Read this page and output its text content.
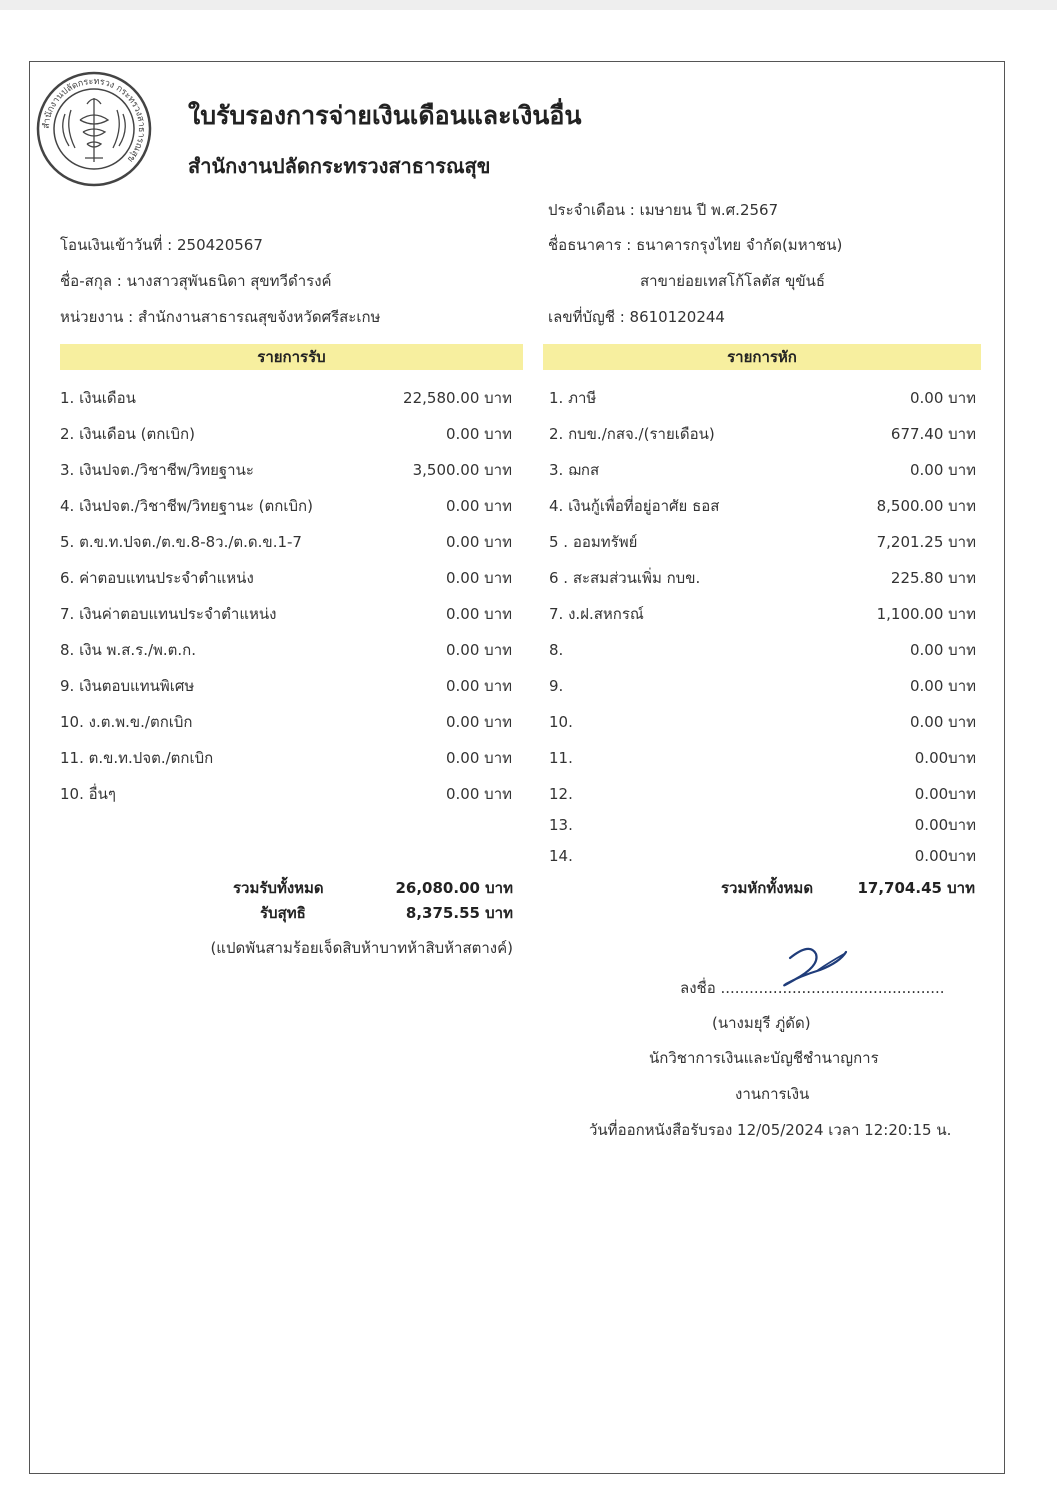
สำนักงานปลัดกระทรวง กระทรวงสาธารณสุข
ใบรับรองการจ่ายเงินเดือนและเงินอื่น
สำนักงานปลัดกระทรวงสาธารณสุข
ประจำเดือน : เมษายน ปี พ.ศ.2567
โอนเงินเข้าวันที่ : 250420567	ชื่อธนาคาร : ธนาคารกรุงไทย จำกัด(มหาชน)
ชื่อ-สกุล : นางสาวสุพันธนิดา สุขทวีดำรงค์	สาขาย่อยเทสโก้โลตัส ขุขันธ์
หน่วยงาน : สำนักงานสาธารณสุขจังหวัดศรีสะเกษ	เลขที่บัญชี : 8610120244
รายการรับ	รายการหัก
1. เงินเดือน	22,580.00 บาท
2. เงินเดือน (ตกเบิก)	0.00 บาท
3. เงินปจต./วิชาชีพ/วิทยฐานะ	3,500.00 บาท
4. เงินปจต./วิชาชีพ/วิทยฐานะ (ตกเบิก)	0.00 บาท
5. ต.ข.ท.ปจต./ต.ข.8-8ว./ต.ด.ข.1-7	0.00 บาท
6. ค่าตอบแทนประจำตำแหน่ง	0.00 บาท
7. เงินค่าตอบแทนประจำตำแหน่ง	0.00 บาท
8. เงิน พ.ส.ร./พ.ต.ก.	0.00 บาท
9. เงินตอบแทนพิเศษ	0.00 บาท
10. ง.ต.พ.ข./ตกเบิก	0.00 บาท
11. ต.ข.ท.ปจต./ตกเบิก	0.00 บาท
10. อื่นๆ	0.00 บาท
1. ภาษี	0.00 บาท
2. กบข./กสจ./(รายเดือน)	677.40 บาท
3. ฌกส	0.00 บาท
4. เงินกู้เพื่อที่อยู่อาศัย ธอส	8,500.00 บาท
5 . ออมทรัพย์	7,201.25 บาท
6 . สะสมส่วนเพิ่ม กบข.	225.80 บาท
7. ง.ฝ.สหกรณ์	1,100.00 บาท
8.	0.00 บาท
9.	0.00 บาท
10.	0.00 บาท
11.	0.00บาท
12.	0.00บาท
13.	0.00บาท
14.	0.00บาท
รวมรับทั้งหมด	26,080.00 บาท
รับสุทธิ	8,375.55 บาท
(แปดพันสามร้อยเจ็ดสิบห้าบาทห้าสิบห้าสตางค์)
รวมหักทั้งหมด	17,704.45 บาท
ลงชื่อ ...............................................
(นางมยุรี ภู่ดัด)
นักวิชาการเงินและบัญชีชำนาญการ
งานการเงิน
วันที่ออกหนังสือรับรอง 12/05/2024 เวลา 12:20:15 น.
